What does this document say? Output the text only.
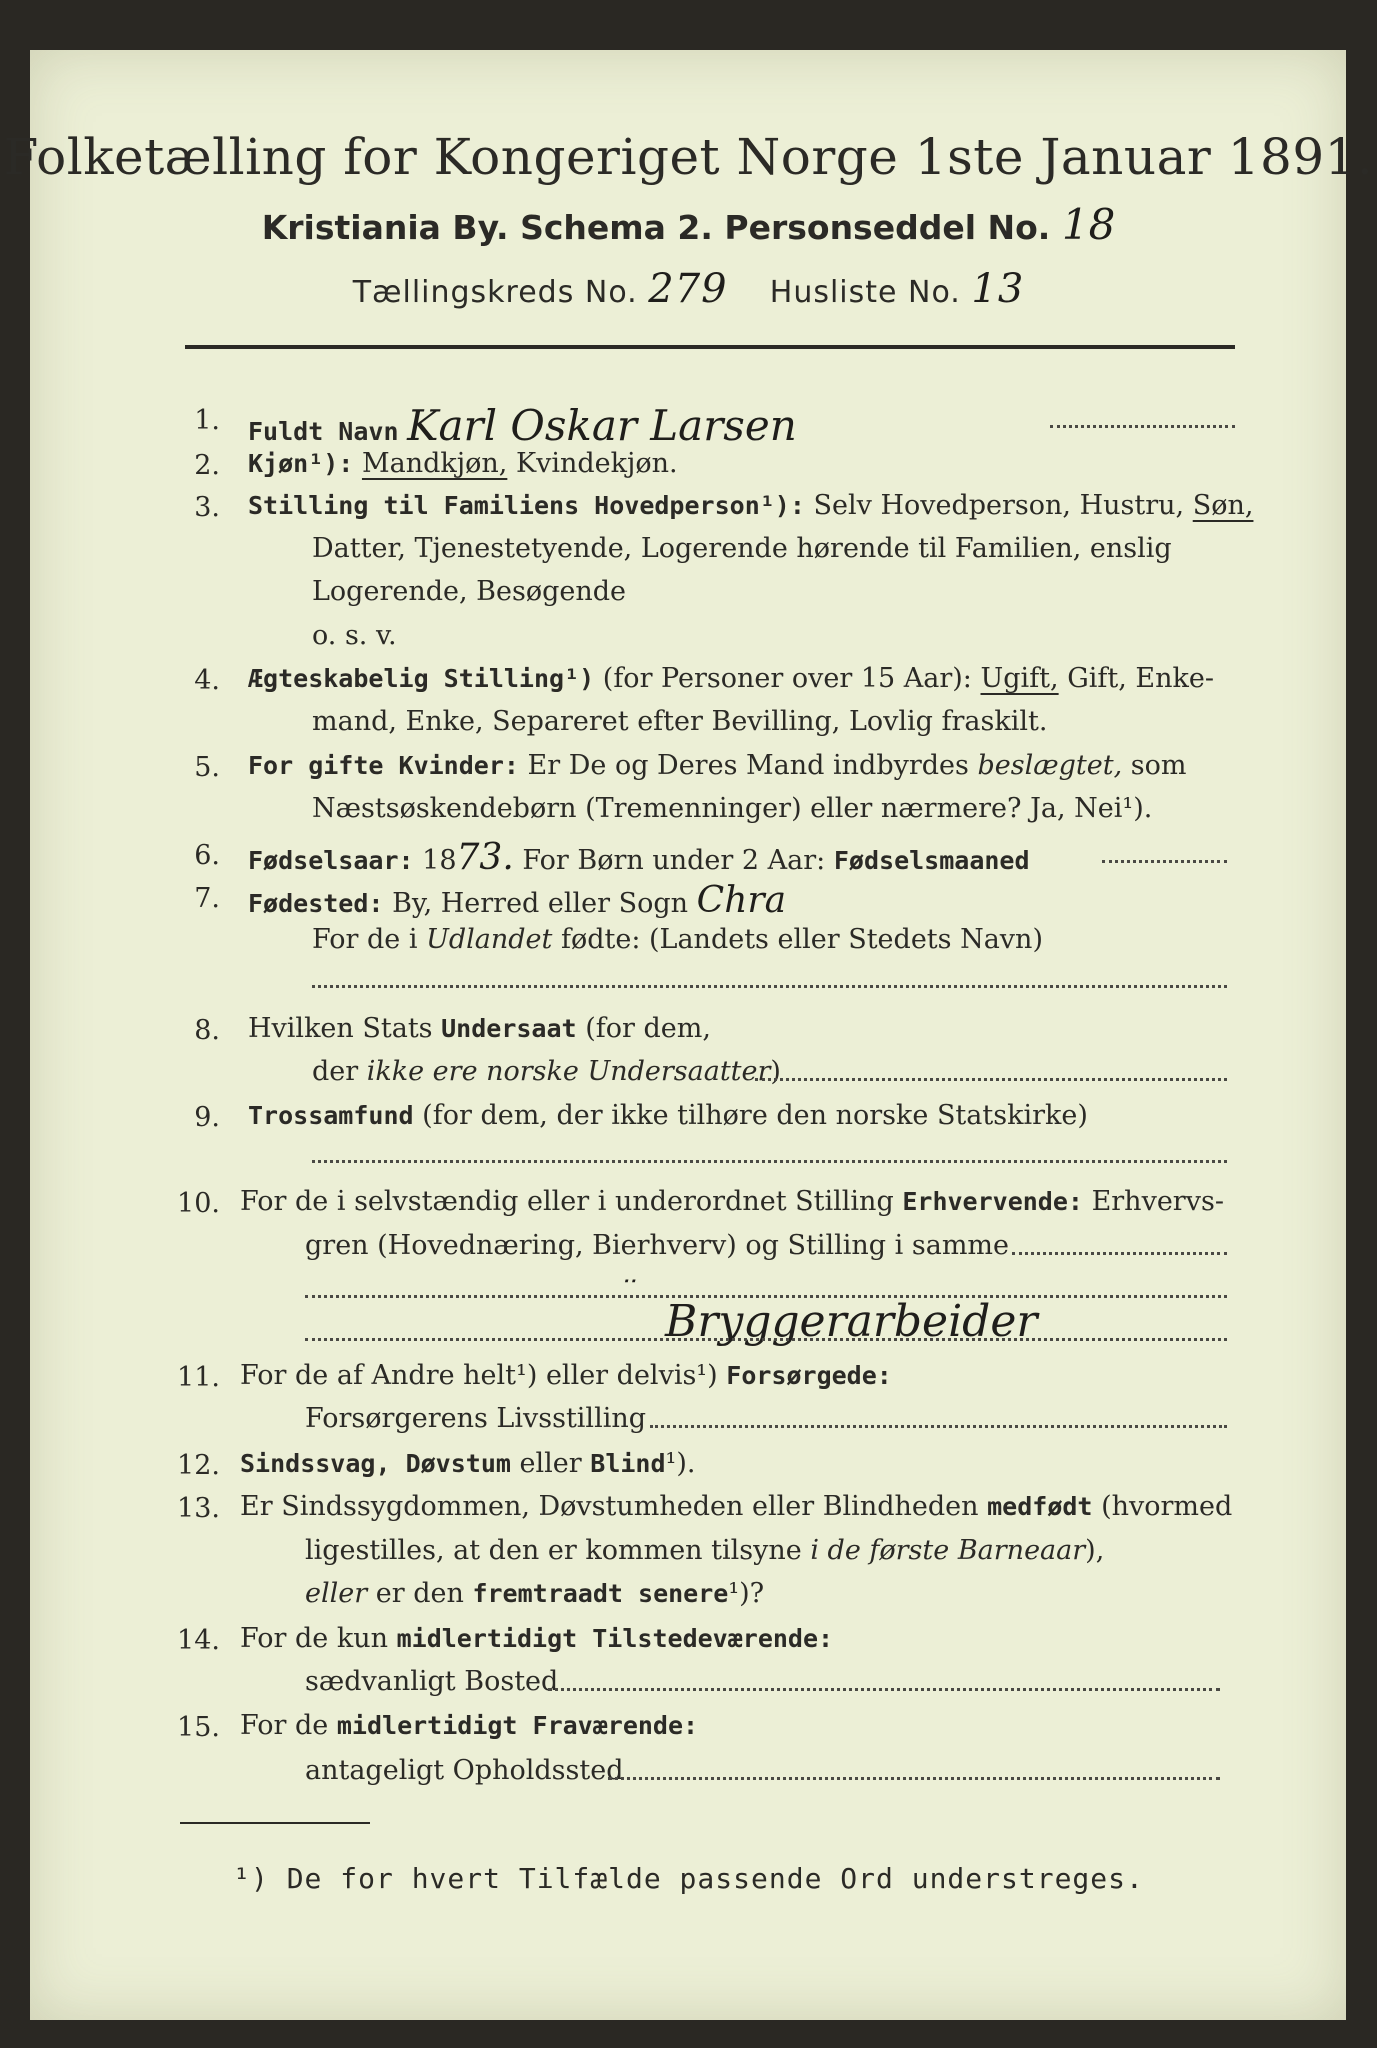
Folketælling for Kongeriget Norge 1ste Januar 1891.
Kristiania By. Schema 2. Personseddel No. 18
Tællingskreds No. 279 Husliste No. 13
1. Fuldt Navn Karl Oskar Larsen
2. Kjøn¹): Mandkjøn, Kvindekjøn.
3. Stilling til Familiens Hovedperson¹): Selv Hovedperson, Hustru, Søn,
Datter, Tjenestetyende, Logerende hørende til Familien, enslig
Logerende, Besøgende
o. s. v.
4. Ægteskabelig Stilling¹) (for Personer over 15 Aar): Ugift, Gift, Enke-
mand, Enke, Separeret efter Bevilling, Lovlig fraskilt.
5. For gifte Kvinder: Er De og Deres Mand indbyrdes beslægtet, som
Næstsøskendebørn (Tremenninger) eller nærmere? Ja, Nei¹).
6. Fødselsaar: 1873. For Børn under 2 Aar: Fødselsmaaned
7. Fødested: By, Herred eller Sogn Chra
For de i Udlandet fødte: (Landets eller Stedets Navn)
8. Hvilken Stats Undersaat (for dem,
der ikke ere norske Undersaatter)
9. Trossamfund (for dem, der ikke tilhøre den norske Statskirke)
10. For de i selvstændig eller i underordnet Stilling Erhvervende: Erhvervs-
gren (Hovednæring, Bierhverv) og Stilling i samme
ᐧᐧ
Bryggerarbeider
11. For de af Andre helt¹) eller delvis¹) Forsørgede:
Forsørgerens Livsstilling
12. Sindssvag, Døvstum eller Blind¹).
13. Er Sindssygdommen, Døvstumheden eller Blindheden medfødt (hvormed
ligestilles, at den er kommen tilsyne i de første Barneaar),
eller er den fremtraadt senere¹)?
14. For de kun midlertidigt Tilstedeværende:
sædvanligt Bosted
15. For de midlertidigt Fraværende:
antageligt Opholdssted
¹) De for hvert Tilfælde passende Ord understreges.
